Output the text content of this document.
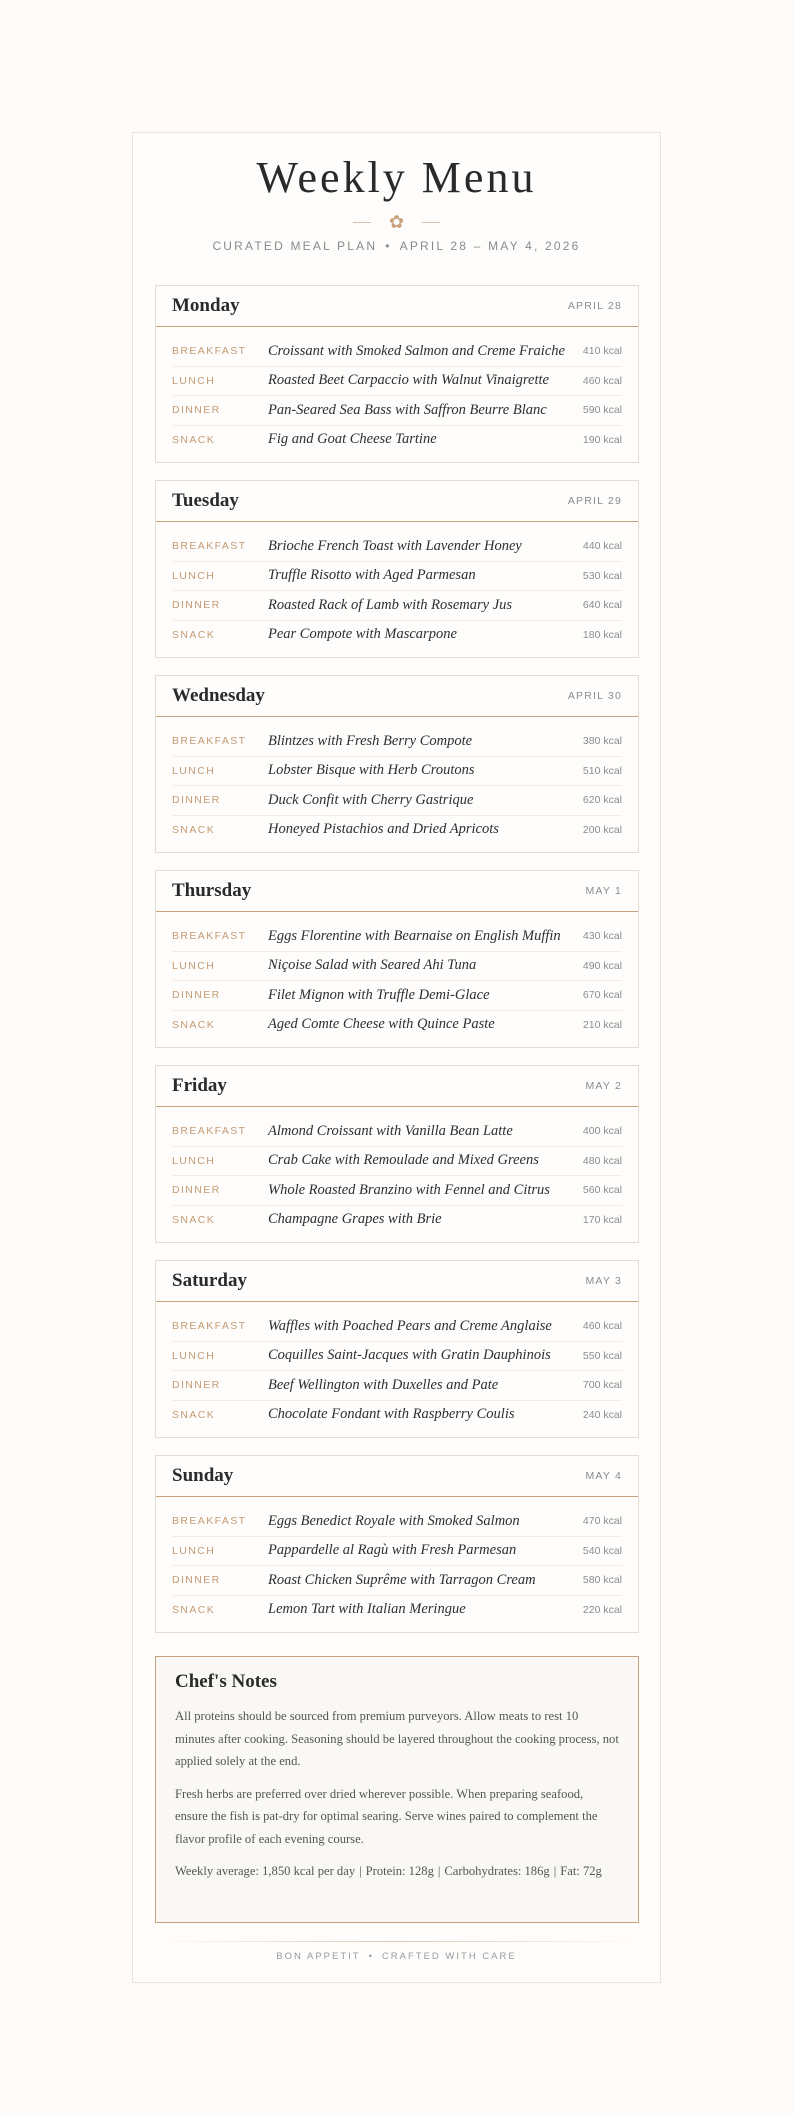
Weekly Menu
✿
CURATED MEAL PLAN • APRIL 28 – MAY 4, 2026
Monday	APRIL 28
BREAKFAST	Croissant with Smoked Salmon and Creme Fraiche	410 kcal
LUNCH	Roasted Beet Carpaccio with Walnut Vinaigrette	460 kcal
DINNER	Pan-Seared Sea Bass with Saffron Beurre Blanc	590 kcal
SNACK	Fig and Goat Cheese Tartine	190 kcal
Tuesday	APRIL 29
BREAKFAST	Brioche French Toast with Lavender Honey	440 kcal
LUNCH	Truffle Risotto with Aged Parmesan	530 kcal
DINNER	Roasted Rack of Lamb with Rosemary Jus	640 kcal
SNACK	Pear Compote with Mascarpone	180 kcal
Wednesday	APRIL 30
BREAKFAST	Blintzes with Fresh Berry Compote	380 kcal
LUNCH	Lobster Bisque with Herb Croutons	510 kcal
DINNER	Duck Confit with Cherry Gastrique	620 kcal
SNACK	Honeyed Pistachios and Dried Apricots	200 kcal
Thursday	MAY 1
BREAKFAST	Eggs Florentine with Bearnaise on English Muffin	430 kcal
LUNCH	Niçoise Salad with Seared Ahi Tuna	490 kcal
DINNER	Filet Mignon with Truffle Demi-Glace	670 kcal
SNACK	Aged Comte Cheese with Quince Paste	210 kcal
Friday	MAY 2
BREAKFAST	Almond Croissant with Vanilla Bean Latte	400 kcal
LUNCH	Crab Cake with Remoulade and Mixed Greens	480 kcal
DINNER	Whole Roasted Branzino with Fennel and Citrus	560 kcal
SNACK	Champagne Grapes with Brie	170 kcal
Saturday	MAY 3
BREAKFAST	Waffles with Poached Pears and Creme Anglaise	460 kcal
LUNCH	Coquilles Saint-Jacques with Gratin Dauphinois	550 kcal
DINNER	Beef Wellington with Duxelles and Pate	700 kcal
SNACK	Chocolate Fondant with Raspberry Coulis	240 kcal
Sunday	MAY 4
BREAKFAST	Eggs Benedict Royale with Smoked Salmon	470 kcal
LUNCH	Pappardelle al Ragù with Fresh Parmesan	540 kcal
DINNER	Roast Chicken Suprême with Tarragon Cream	580 kcal
SNACK	Lemon Tart with Italian Meringue	220 kcal
Chef's Notes

All proteins should be sourced from premium purveyors. Allow meats to rest 10 minutes after cooking. Seasoning should be layered throughout the cooking process, not applied solely at the end.

Fresh herbs are preferred over dried wherever possible. When preparing seafood, ensure the fish is pat-dry for optimal searing. Serve wines paired to complement the flavor profile of each evening course.

Weekly average: 1,850 kcal per day | Protein: 128g | Carbohydrates: 186g | Fat: 72g

BON APPETIT • CRAFTED WITH CARE
